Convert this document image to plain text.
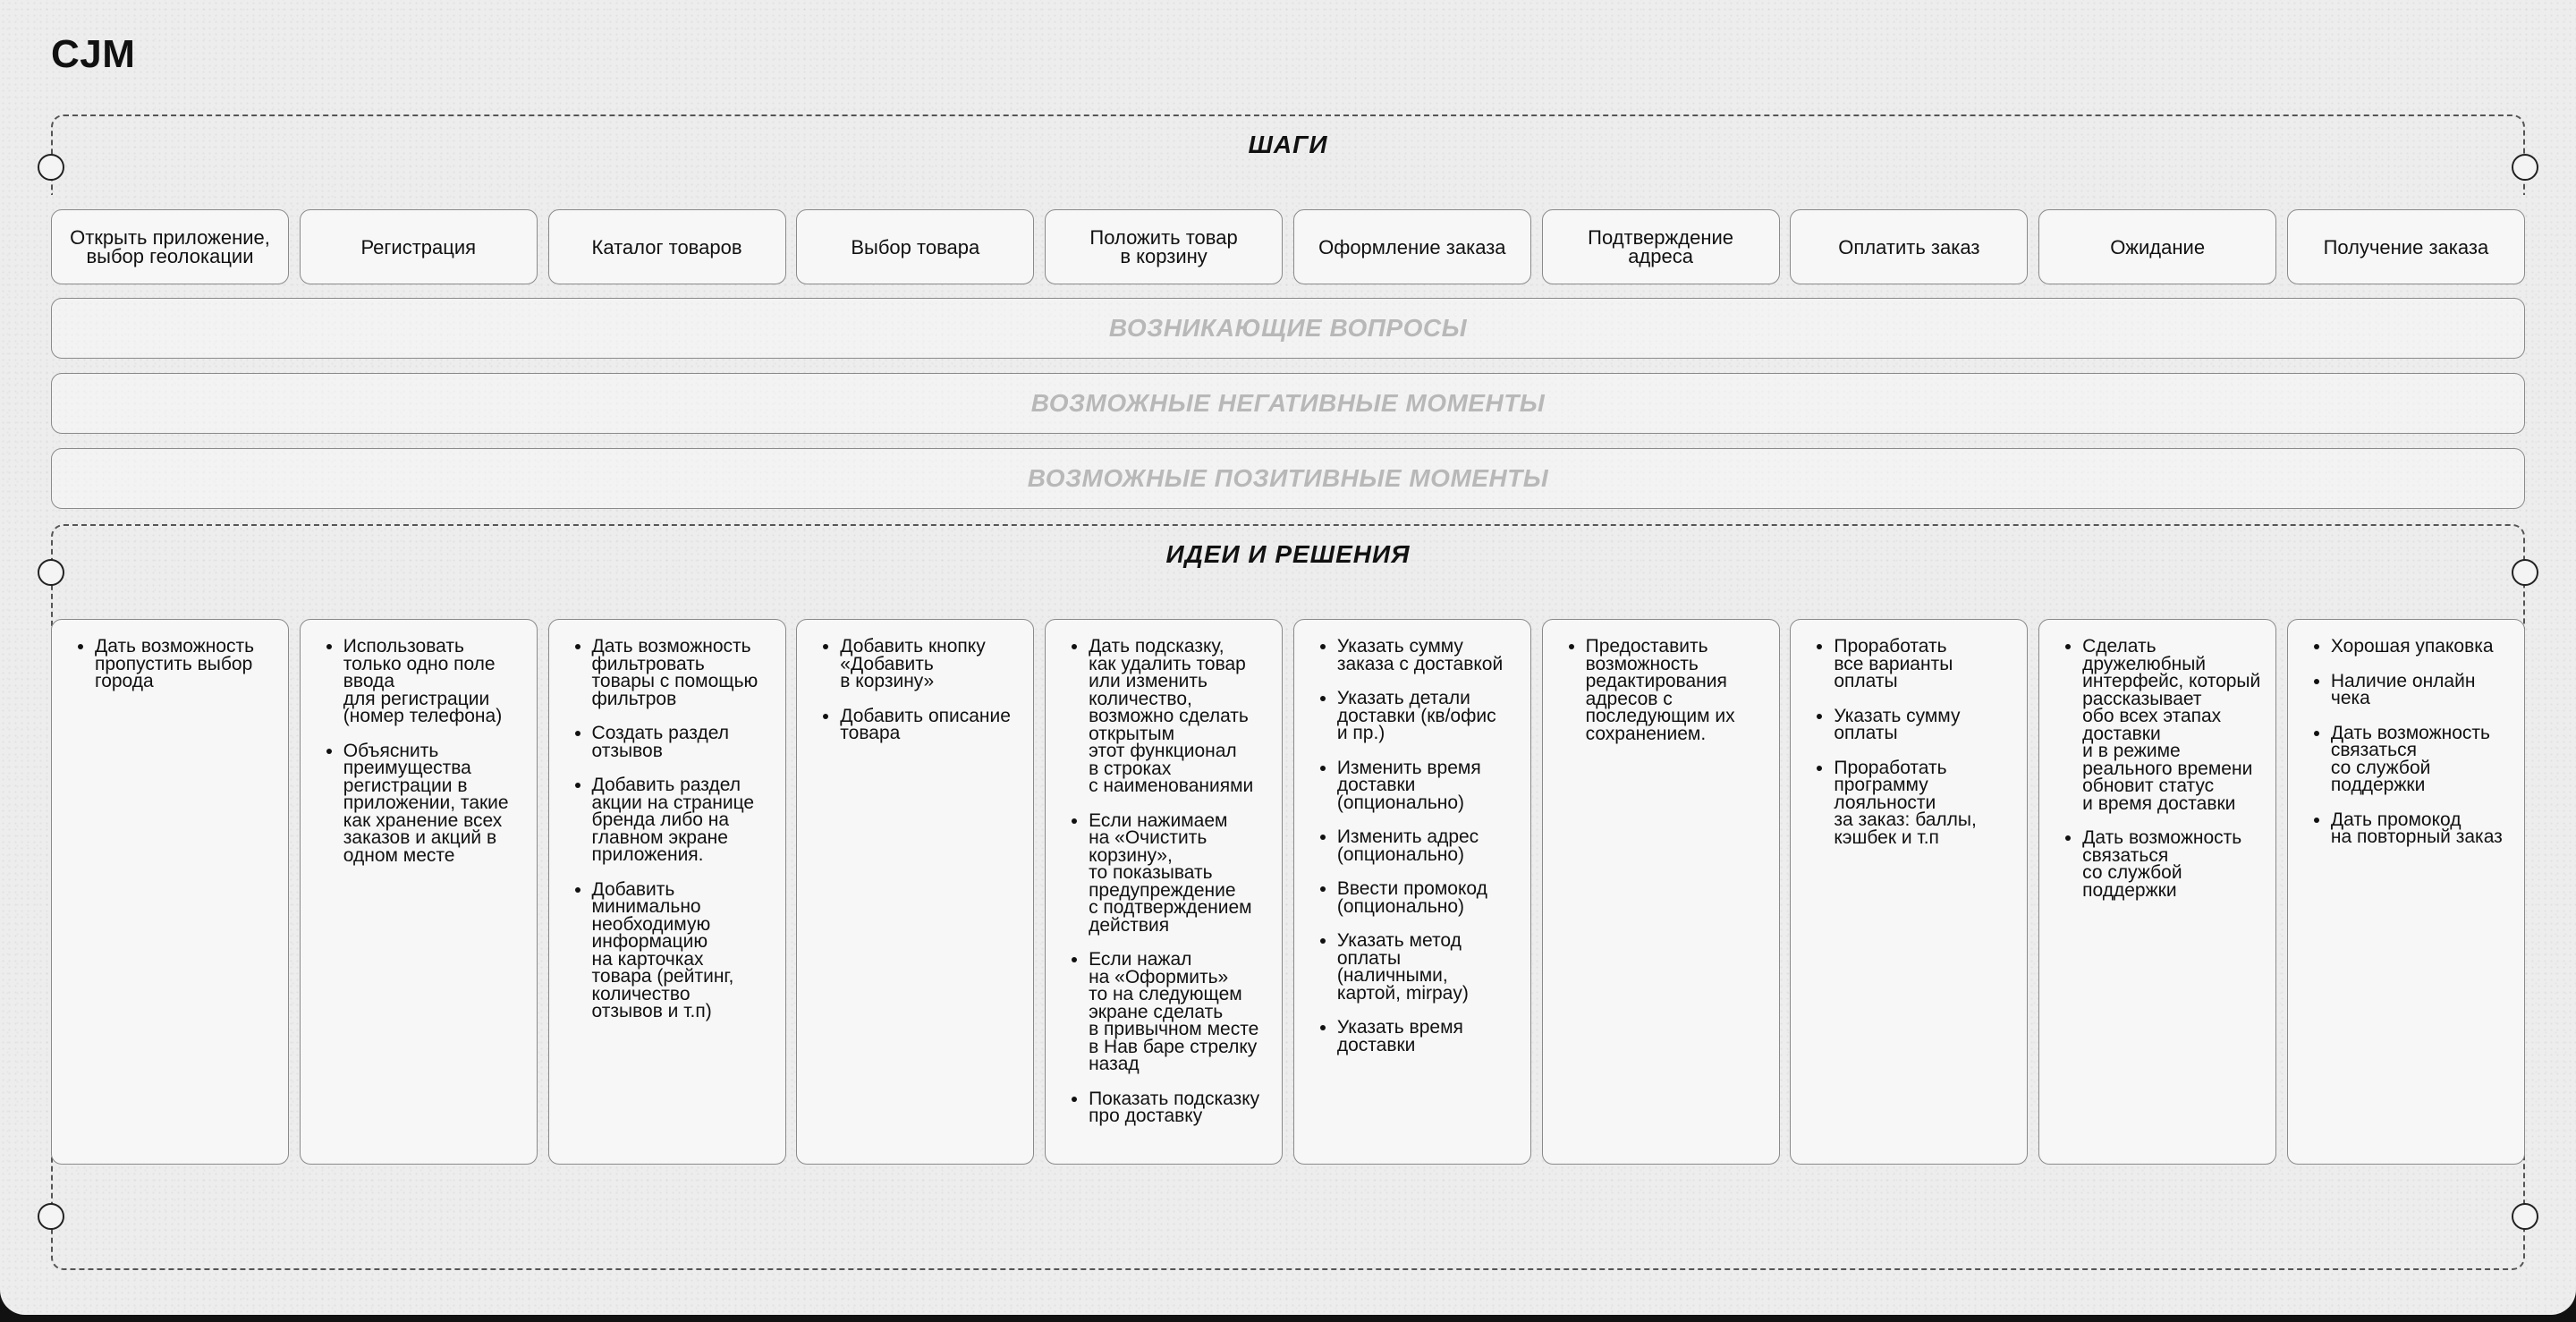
CJM
ШАГИ
Открыть приложение,
выбор геолокации	Регистрация	Каталог товаров	Выбор товара	Положить товар
в корзину	Оформление заказа	Подтверждение
адреса	Оплатить заказ	Ожидание	Получение заказа
ВОЗНИКАЮЩИЕ ВОПРОСЫ
ВОЗМОЖНЫЕ НЕГАТИВНЫЕ МОМЕНТЫ
ВОЗМОЖНЫЕ ПОЗИТИВНЫЕ МОМЕНТЫ
ИДЕИ И РЕШЕНИЯ
• Дать возможность
пропустить выбор
города
• Использовать
только одно поле
ввода
для регистрации
(номер телефона)
• Объяснить
преимущества
регистрации в
приложении, такие
как хранение всех
заказов и акций в
одном месте
• Дать возможность
фильтровать
товары с помощью
фильтров
• Создать раздел
отзывов
• Добавить раздел
акции на странице
бренда либо на
главном экране
приложения.
• Добавить
минимально
необходимую
информацию
на карточках
товара (рейтинг,
количество
отзывов и т.п)
• Добавить кнопку
«Добавить
в корзину»
• Добавить описание
товара
• Дать подсказку,
как удалить товар
или изменить
количество,
возможно сделать
открытым
этот функционал
в строках
с наименованиями
• Если нажимаем
на «Очистить
корзину»,
то показывать
предупреждение
с подтверждением
действия
• Если нажал
на «Оформить»
то на следующем
экране сделать
в привычном месте
в Нав баре стрелку
назад
• Показать подсказку
про доставку
• Указать сумму
заказа с доставкой
• Указать детали
доставки (кв/офис
и пр.)
• Изменить время
доставки
(опционально)
• Изменить адрес
(опционально)
• Ввести промокод
(опционально)
• Указать метод
оплаты
(наличными,
картой, mirpay)
• Указать время
доставки
• Предоставить
возможность
редактирования
адресов с
последующим их
сохранением.
• Проработать
все варианты
оплаты
• Указать сумму
оплаты
• Проработать
программу
лояльности
за заказ: баллы,
кэшбек и т.п
• Сделать
дружелюбный
интерфейс, который
рассказывает
обо всех этапах
доставки
и в режиме
реального времени
обновит статус
и время доставки
• Дать возможность
связаться
со службой
поддержки
• Хорошая упаковка
• Наличие онлайн
чека
• Дать возможность
связаться
со службой
поддержки
• Дать промокод
на повторный заказ
